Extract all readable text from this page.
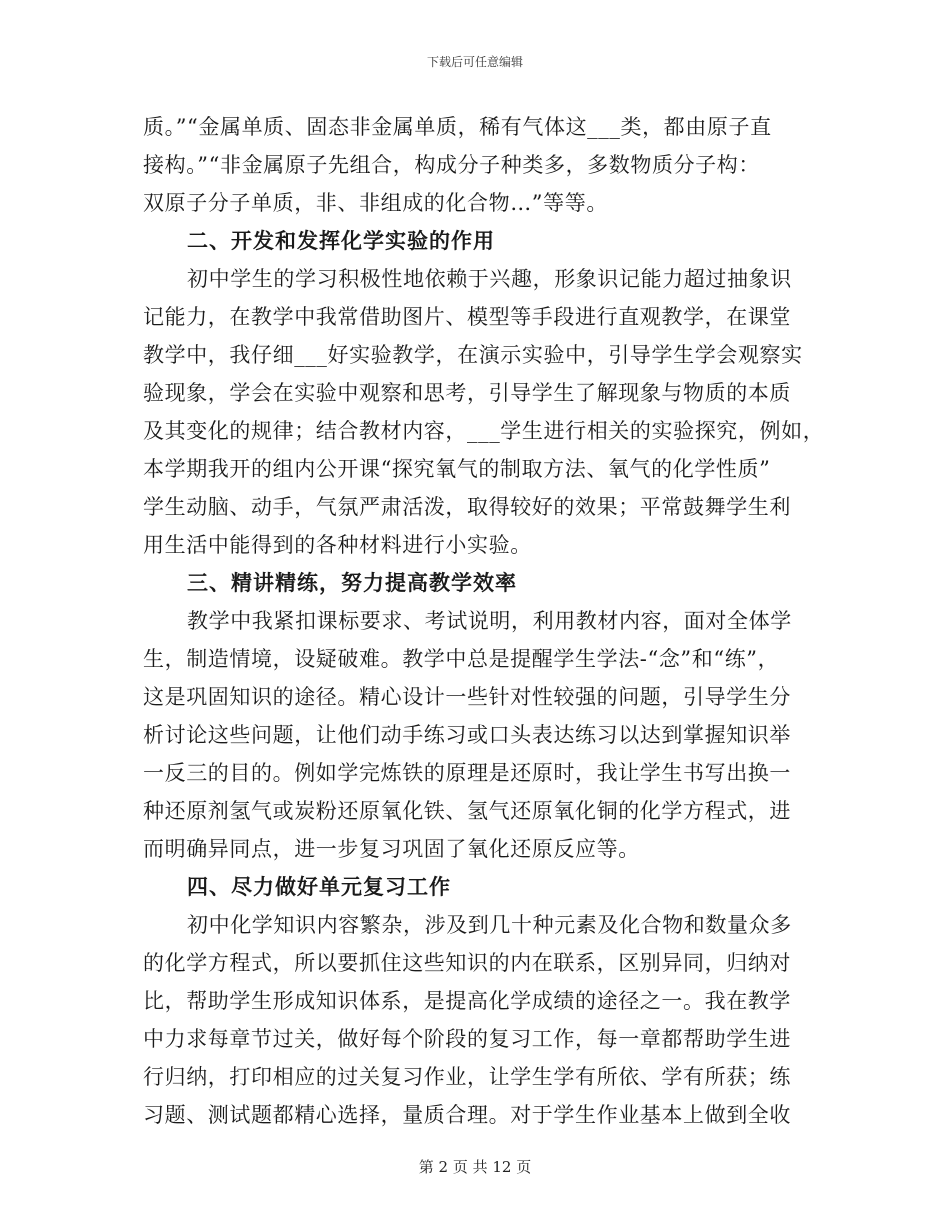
下载后可任意编辑
质。”“金属单质、固态非金属单质，稀有气体这___类，都由原子直
接构。”“非金属原子先组合，构成分子种类多，多数物质分子构：
双原子分子单质，非、非组成的化合物…”等等。
二、开发和发挥化学实验的作用
初中学生的学习积极性地依赖于兴趣，形象识记能力超过抽象识
记能力，在教学中我常借助图片、模型等手段进行直观教学，在课堂
教学中，我仔细___好实验教学，在演示实验中，引导学生学会观察实
验现象，学会在实验中观察和思考，引导学生了解现象与物质的本质
及其变化的规律；结合教材内容，___学生进行相关的实验探究，例如，
本学期我开的组内公开课“探究氧气的制取方法、氧气的化学性质”
学生动脑、动手，气氛严肃活泼，取得较好的效果；平常鼓舞学生利
用生活中能得到的各种材料进行小实验。
三、精讲精练，努力提高教学效率
教学中我紧扣课标要求、考试说明，利用教材内容，面对全体学
生，制造情境，设疑破难。教学中总是提醒学生学法-“念”和“练”，
这是巩固知识的途径。精心设计一些针对性较强的问题，引导学生分
析讨论这些问题，让他们动手练习或口头表达练习以达到掌握知识举
一反三的目的。例如学完炼铁的原理是还原时，我让学生书写出换一
种还原剂氢气或炭粉还原氧化铁、氢气还原氧化铜的化学方程式，进
而明确异同点，进一步复习巩固了氧化还原反应等。
四、尽力做好单元复习工作
初中化学知识内容繁杂，涉及到几十种元素及化合物和数量众多
的化学方程式，所以要抓住这些知识的内在联系，区别异同，归纳对
比，帮助学生形成知识体系，是提高化学成绩的途径之一。我在教学
中力求每章节过关，做好每个阶段的复习工作，每一章都帮助学生进
行归纳，打印相应的过关复习作业，让学生学有所依、学有所获；练
习题、测试题都精心选择，量质合理。对于学生作业基本上做到全收
第 2 页 共 12 页
